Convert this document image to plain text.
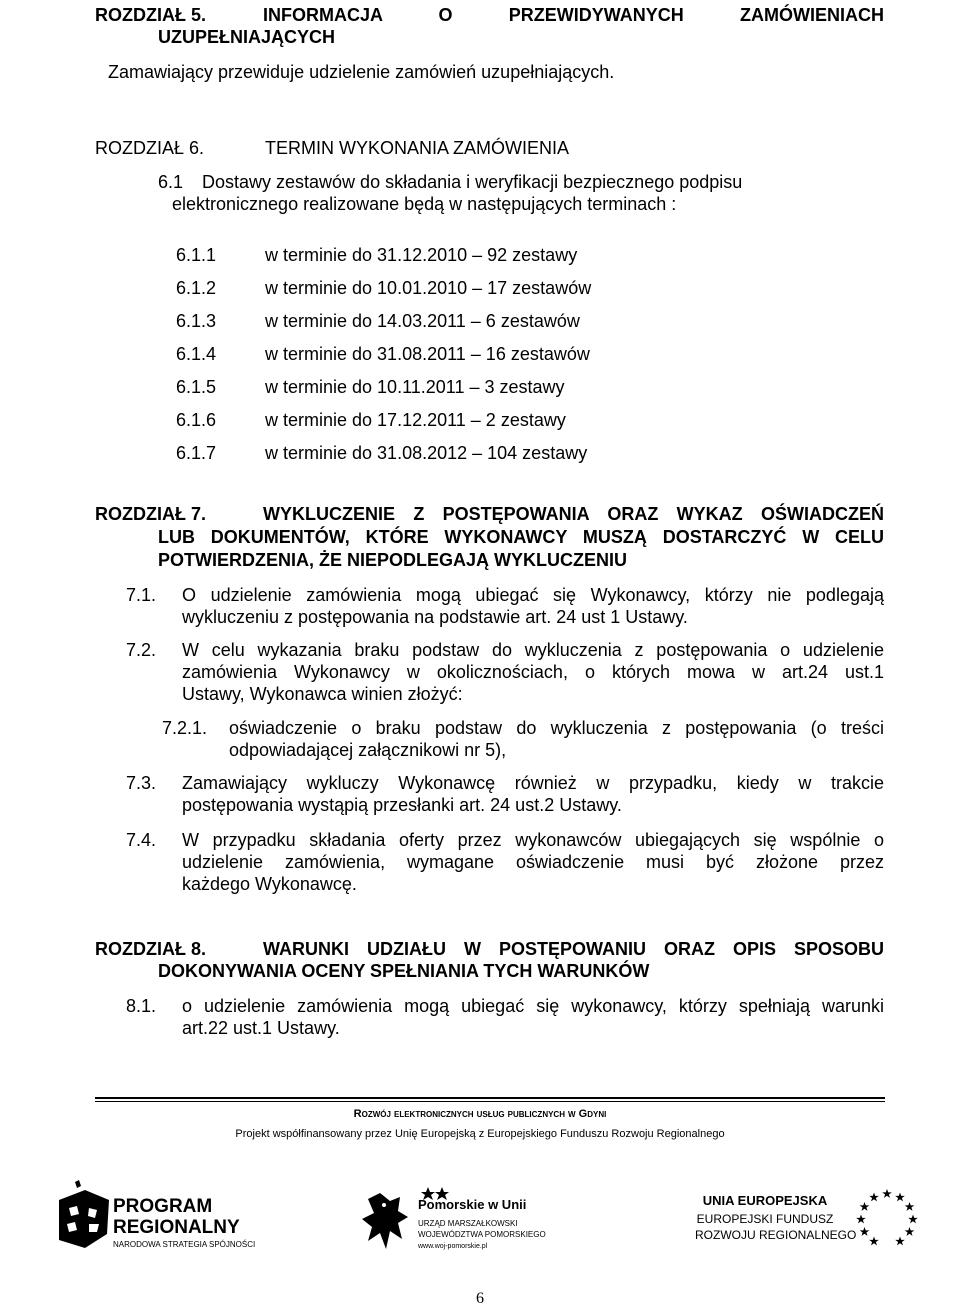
ROZDZIAŁ 5.	INFORMACJA O PRZEWIDYWANYCH ZAMÓWIENIACH
UZUPEŁNIAJĄCYCH
Zamawiający przewiduje udzielenie zamówień uzupełniających.
ROZDZIAŁ 6.	TERMIN WYKONANIA ZAMÓWIENIA
6.1 Dostawy zestawów do składania i weryfikacji bezpiecznego podpisu
elektronicznego realizowane będą w następujących terminach :
6.1.1	w terminie do 31.12.2010 – 92 zestawy
6.1.2	w terminie do 10.01.2010 – 17 zestawów
6.1.3	w terminie do 14.03.2011 – 6 zestawów
6.1.4	w terminie do 31.08.2011 – 16 zestawów
6.1.5	w terminie do 10.11.2011 – 3 zestawy
6.1.6	w terminie do 17.12.2011 – 2 zestawy
6.1.7	w terminie do 31.08.2012 – 104 zestawy
ROZDZIAŁ 7.	WYKLUCZENIE Z POSTĘPOWANIA ORAZ WYKAZ OŚWIADCZEŃ
LUB DOKUMENTÓW, KTÓRE WYKONAWCY MUSZĄ DOSTARCZYĆ W CELU
POTWIERDZENIA, ŻE NIEPODLEGAJĄ WYKLUCZENIU
7.1. O udzielenie zamówienia mogą ubiegać się Wykonawcy, którzy nie podlegają
wykluczeniu z postępowania na podstawie art. 24 ust 1 Ustawy.
7.2. W celu wykazania braku podstaw do wykluczenia z postępowania o udzielenie
zamówienia Wykonawcy w okolicznościach, o których mowa w art.24 ust.1
Ustawy, Wykonawca winien złożyć:
7.2.1. oświadczenie o braku podstaw do wykluczenia z postępowania (o treści
odpowiadającej załącznikowi nr 5),
7.3. Zamawiający wykluczy Wykonawcę również w przypadku, kiedy w trakcie
postępowania wystąpią przesłanki art. 24 ust.2 Ustawy.
7.4. W przypadku składania oferty przez wykonawców ubiegających się wspólnie o
udzielenie zamówienia, wymagane oświadczenie musi być złożone przez
każdego Wykonawcę.
ROZDZIAŁ 8.	WARUNKI UDZIAŁU W POSTĘPOWANIU ORAZ OPIS SPOSOBU
DOKONYWANIA OCENY SPEŁNIANIA TYCH WARUNKÓW
8.1. o udzielenie zamówienia mogą ubiegać się wykonawcy, którzy spełniają warunki
art.22 ust.1 Ustawy.
Rozwój elektronicznych usług publicznych w Gdyni
Projekt współfinansowany przez Unię Europejską z Europejskiego Funduszu Rozwoju Regionalnego
PROGRAM
REGIONALNY
NARODOWA STRATEGIA SPÓJNOŚCI
Pomorskie w Unii
URZĄD MARSZAŁKOWSKI
WOJEWÓDZTWA POMORSKIEGO
www.woj-pomorskie.pl
UNIA EUROPEJSKA
EUROPEJSKI FUNDUSZ
ROZWOJU REGIONALNEGO
6
